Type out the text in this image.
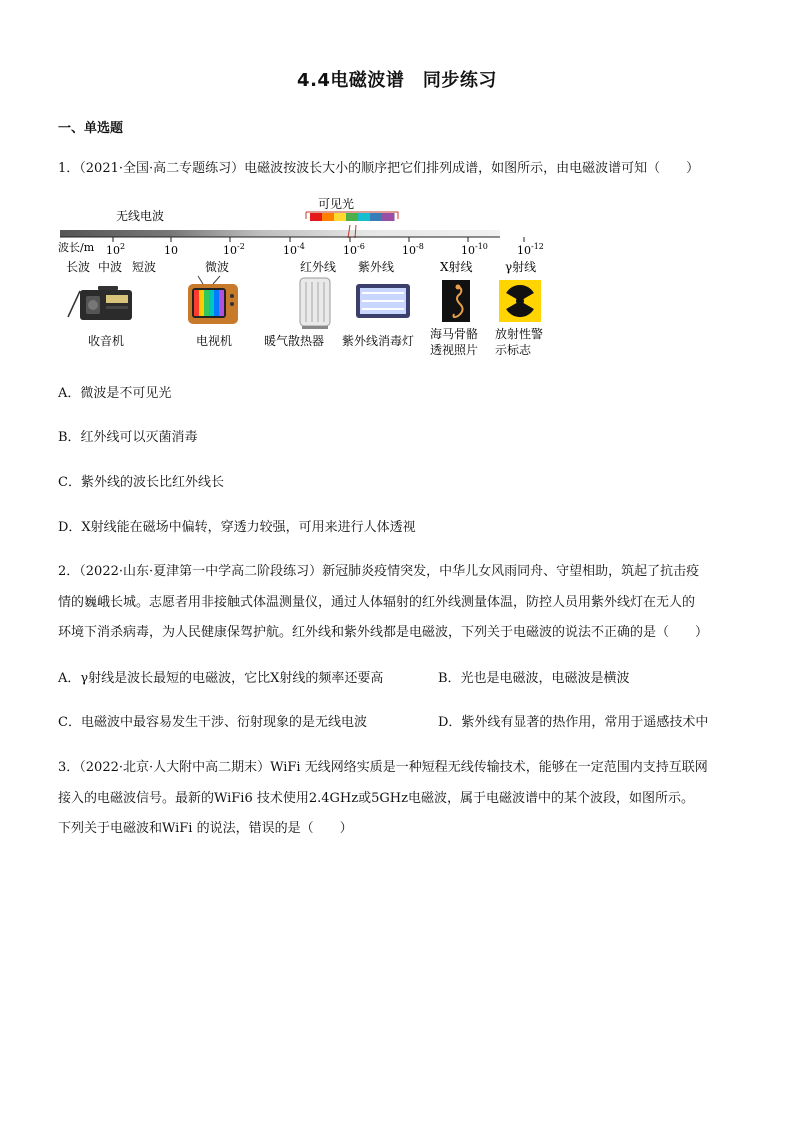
4.4电磁波谱　同步练习
一、单选题
1．（2021·全国·高二专题练习）电磁波按波长大小的顺序把它们排列成谱，如图所示，由电磁波谱可知（　　）
无线电波
可见光
$10^2$	10	$10^{-2}$	$10^{-4}$	$10^{-6}$	$10^{-8}$	$10^{-10}$	$10^{-12}$
波长/m
长波 中波 短波	微波	红外线 紫外线	X射线	γ射线
收音机	电视机	暖气散热器 紫外线消毒灯 海马骨骼
透视照片
放射性警
示标志
A．微波是不可见光
B．红外线可以灭菌消毒
C．紫外线的波长比红外线长
D．X射线能在磁场中偏转，穿透力较强，可用来进行人体透视
2．（2022·山东·夏津第一中学高二阶段练习）新冠肺炎疫情突发，中华儿女风雨同舟、守望相助，筑起了抗击疫
情的巍峨长城。志愿者用非接触式体温测量仪，通过人体辐射的红外线测量体温，防控人员用紫外线灯在无人的
环境下消杀病毒，为人民健康保驾护航。红外线和紫外线都是电磁波，下列关于电磁波的说法不正确的是（　　）
A．γ射线是波长最短的电磁波，它比X射线的频率还要高	B．光也是电磁波，电磁波是横波
C．电磁波中最容易发生干涉、衍射现象的是无线电波	D．紫外线有显著的热作用，常用于遥感技术中
3．（2022·北京·人大附中高二期末）WiFi 无线网络实质是一种短程无线传输技术，能够在一定范围内支持互联网
接入的电磁波信号。最新的WiFi6 技术使用2.4GHz或5GHz电磁波，属于电磁波谱中的某个波段，如图所示。
下列关于电磁波和WiFi 的说法，错误的是（　　）
